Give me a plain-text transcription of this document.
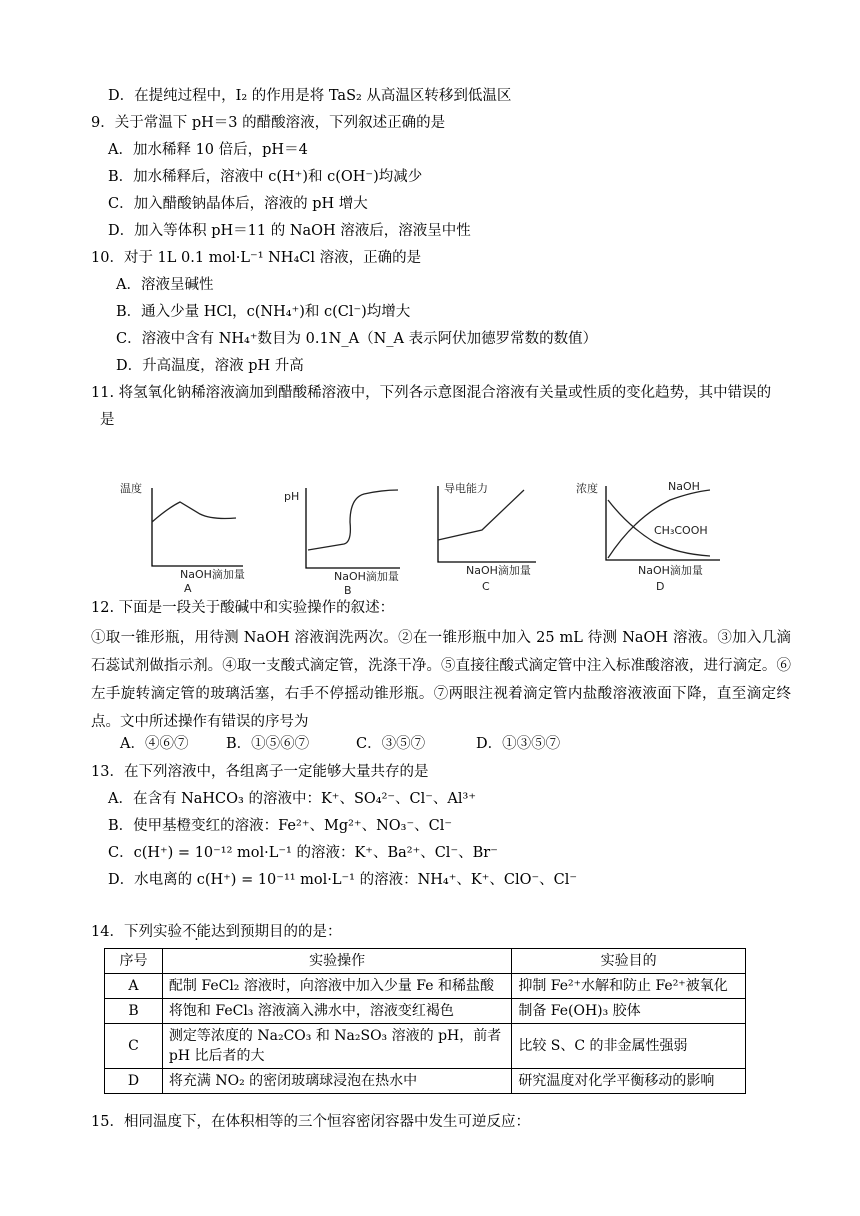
D．在提纯过程中，I₂ 的作用是将 TaS₂ 从高温区转移到低温区
9．关于常温下 pH＝3 的醋酸溶液，下列叙述正确的是
A．加水稀释 10 倍后，pH＝4
B．加水稀释后，溶液中 c(H⁺)和 c(OH⁻)均减少
C．加入醋酸钠晶体后，溶液的 pH 增大
D．加入等体积 pH＝11 的 NaOH 溶液后，溶液呈中性
10．对于 1L 0.1 mol·L⁻¹ NH₄Cl 溶液，正确的是
A．溶液呈碱性
B．通入少量 HCl，c(NH₄⁺)和 c(Cl⁻)均增大
C．溶液中含有 NH₄⁺数目为 0.1N_A（N_A 表示阿伏加德罗常数的数值）
D．升高温度，溶液 pH 升高
11. 将氢氧化钠稀溶液滴加到醋酸稀溶液中，下列各示意图混合溶液有关量或性质的变化趋势，其中错误的
是
温度
NaOH滴加量
A
pH
NaOH滴加量
B
导电能力
NaOH滴加量
C
浓度	NaOH
CH₃COOH
NaOH滴加量
D
12. 下面是一段关于酸碱中和实验操作的叙述：
①取一锥形瓶，用待测 NaOH 溶液润洗两次。②在一锥形瓶中加入 25 mL 待测 NaOH 溶液。③加入几滴石蕊试剂做指示剂。④取一支酸式滴定管，洗涤干净。⑤直接往酸式滴定管中注入标准酸溶液，进行滴定。⑥左手旋转滴定管的玻璃活塞，右手不停摇动锥形瓶。⑦两眼注视着滴定管内盐酸溶液液面下降，直至滴定终点。文中所述操作有错误的序号为
A．④⑥⑦	B．①⑤⑥⑦	C．③⑤⑦	D．①③⑤⑦
13．在下列溶液中，各组离子一定能够大量共存的是
A．在含有 NaHCO₃ 的溶液中：K⁺、SO₄²⁻、Cl⁻、Al³⁺
B．使甲基橙变红的溶液：Fe²⁺、Mg²⁺、NO₃⁻、Cl⁻
C．c(H⁺) = 10⁻¹² mol·L⁻¹ 的溶液：K⁺、Ba²⁺、Cl⁻、Br⁻
D．水电离的 c(H⁺) = 10⁻¹¹ mol·L⁻¹ 的溶液：NH₄⁺、K⁺、ClO⁻、Cl⁻
14．下列实验不能达到预期目的的是：
序号	实验操作	实验目的
A	配制 FeCl₂ 溶液时，向溶液中加入少量 Fe 和稀盐酸	抑制 Fe²⁺水解和防止 Fe²⁺被氧化
B	将饱和 FeCl₃ 溶液滴入沸水中，溶液变红褐色	制备 Fe(OH)₃ 胶体
C	测定等浓度的 Na₂CO₃ 和 Na₂SO₃ 溶液的 pH，前者 pH 比后者的大	比较 S、C 的非金属性强弱
D	将充满 NO₂ 的密闭玻璃球浸泡在热水中	研究温度对化学平衡移动的影响
15．相同温度下，在体积相等的三个恒容密闭容器中发生可逆反应：
